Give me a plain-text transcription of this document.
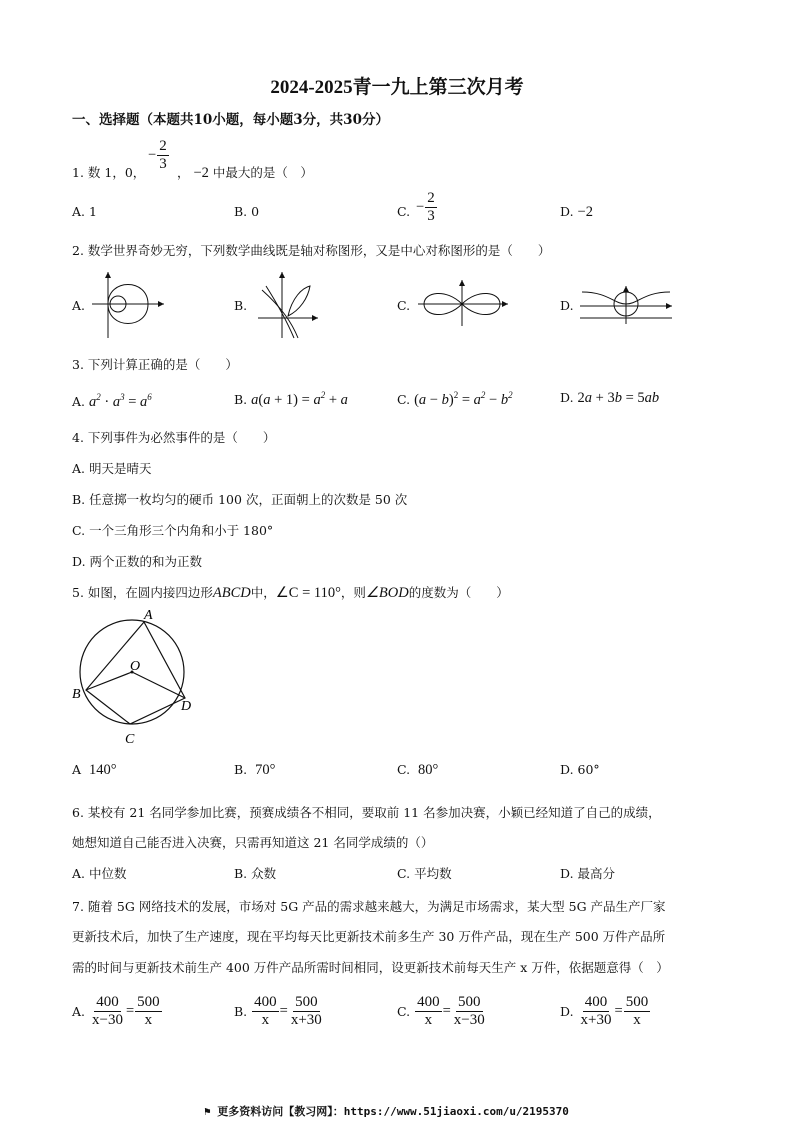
2024-2025青一九上第三次月考
一、选择题（本题共10小题，每小题3分，共30分）
1. 数 1，0，
− $\frac{2}{3}$ ， −2 中最大的是（　）
A. 1	B. 0	C. − $\frac{2}{3}$	D. −2
2. 数学世界奇妙无穷，下列数学曲线既是轴对称图形，又是中心对称图形的是（　　）
A.	B.	C.	D.
3. 下列计算正确的是（　　）
A. $a^2 \cdot a^3 = a^6$	B. $a(a + 1) = a^2 + a$	C. $(a - b)^2 = a^2 - b^2$	D. 2a + 3b = 5ab
4. 下列事件为必然事件的是（　　）
A. 明天是晴天
B. 任意掷一枚均匀的硬币 100 次，正面朝上的次数是 50 次
C. 一个三角形三个内角和小于 180°
D. 两个正数的和为正数
5. 如图，在圆内接四边形ABCD中，∠C = 110°，则∠BOD的度数为（　　）
A
O
B
D
C
A 140°	B. 70°	C. 80°	D. 60°
6. 某校有 21 名同学参加比赛，预赛成绩各不相同，要取前 11 名参加决赛，小颖已经知道了自己的成绩，
她想知道自己能否进入决赛，只需再知道这 21 名同学成绩的（）
A. 中位数	B. 众数	C. 平均数	D. 最高分
7. 随着 5G 网络技术的发展，市场对 5G 产品的需求越来越大，为满足市场需求，某大型 5G 产品生产厂家
更新技术后，加快了生产速度，现在平均每天比更新技术前多生产 30 万件产品，现在生产 500 万件产品所
需的时间与更新技术前生产 400 万件产品所需时间相同，设更新技术前每天生产 x 万件，依据题意得（　）
A. $\frac{400}{x-30} = \frac{500}{x}$	B. $\frac{400}{x} = \frac{500}{x+30}$	C. $\frac{400}{x} = \frac{500}{x-30}$	D. $\frac{400}{x+30} = \frac{500}{x}$
⚑ 更多资料访问【教习网】：https://www.51jiaoxi.com/u/2195370
